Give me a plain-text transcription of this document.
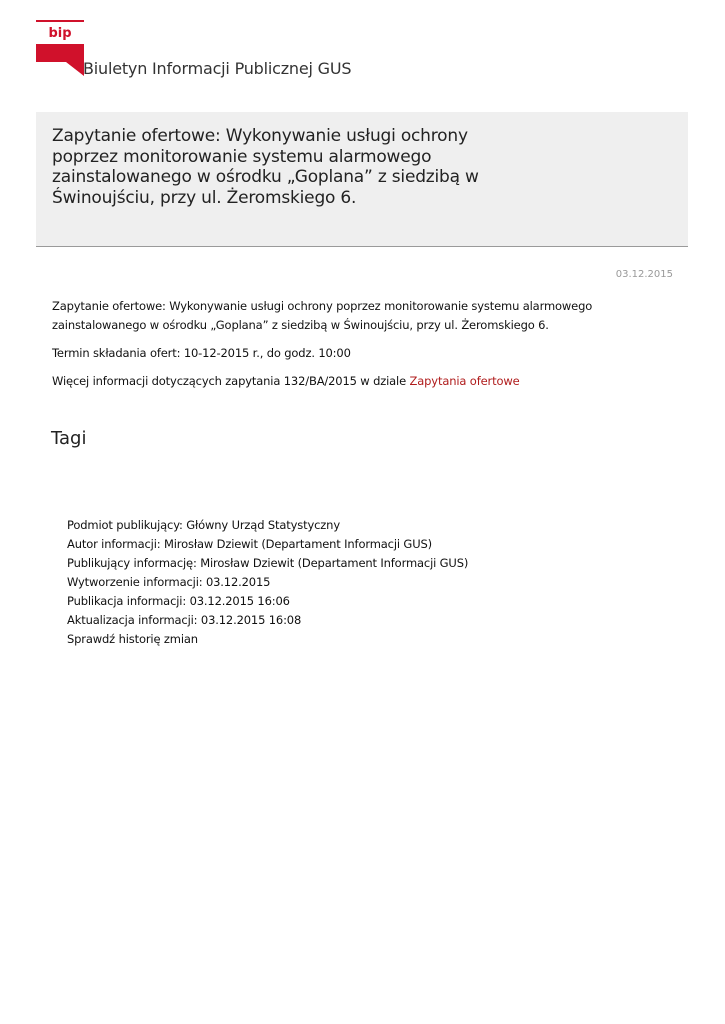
bip
Biuletyn Informacji Publicznej GUS
Zapytanie ofertowe: Wykonywanie usługi ochrony poprzez monitorowanie systemu alarmowego zainstalowanego w ośrodku „Goplana” z siedzibą w Świnoujściu, przy ul. Żeromskiego 6.
03.12.2015

Zapytanie ofertowe: Wykonywanie usługi ochrony poprzez monitorowanie systemu alarmowego zainstalowanego w ośrodku „Goplana” z siedzibą w Świnoujściu, przy ul. Żeromskiego 6.

Termin składania ofert: 10-12-2015 r., do godz. 10:00

Więcej informacji dotyczących zapytania 132/BA/2015 w dziale Zapytania ofertowe

Tagi
Podmiot publikujący: Główny Urząd Statystyczny
Autor informacji: Mirosław Dziewit (Departament Informacji GUS)
Publikujący informację: Mirosław Dziewit (Departament Informacji GUS)
Wytworzenie informacji: 03.12.2015
Publikacja informacji: 03.12.2015 16:06
Aktualizacja informacji: 03.12.2015 16:08
Sprawdź historię zmian
